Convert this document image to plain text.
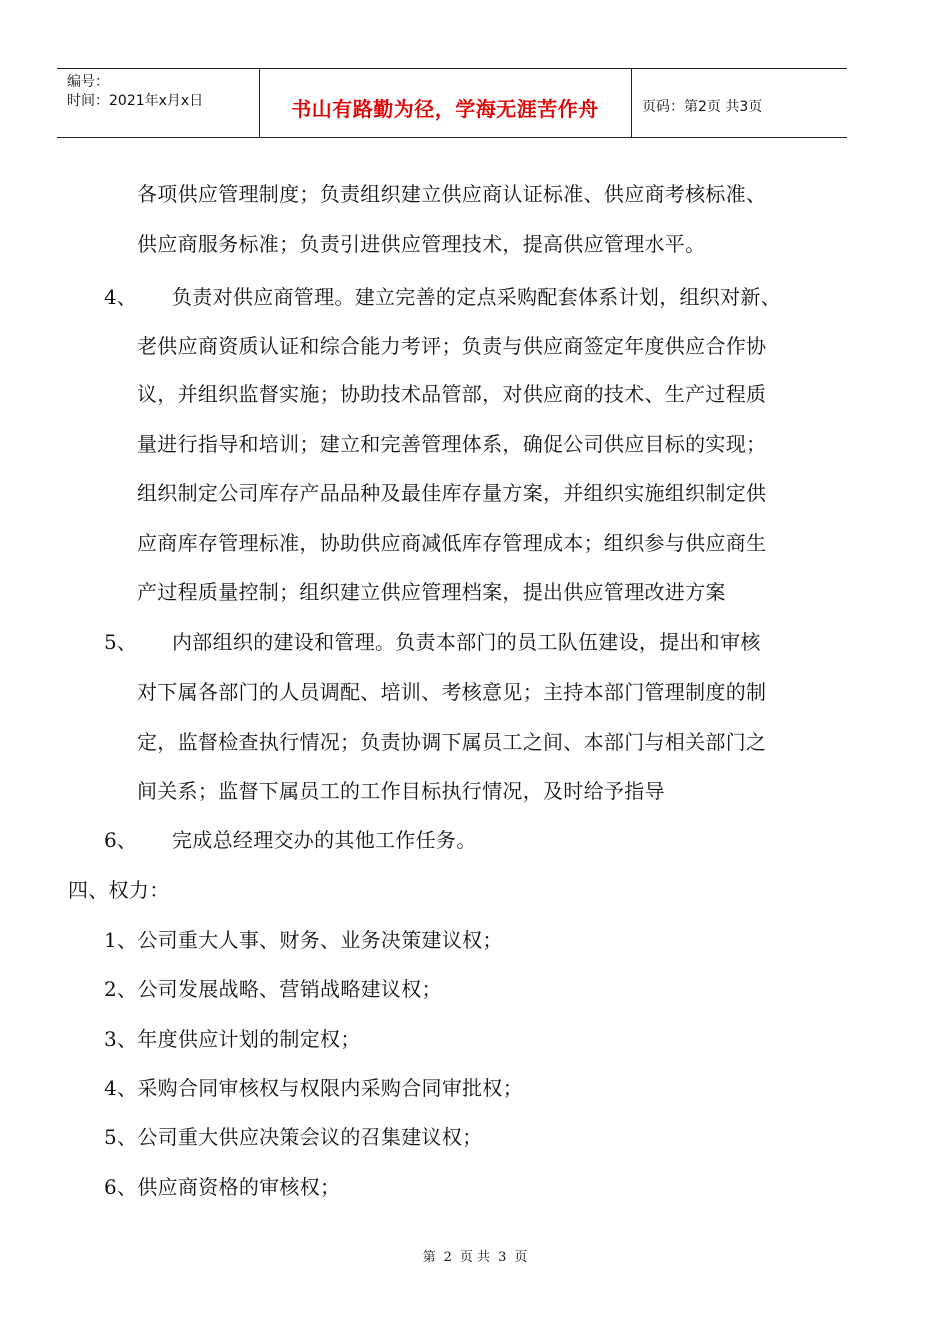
编号：
时间：2021年x月x日	书山有路勤为径，学海无涯苦作舟	页码：第2页 共3页
各项供应管理制度；负责组织建立供应商认证标准、供应商考核标准、
供应商服务标准；负责引进供应管理技术，提高供应管理水平。
4、 负责对供应商管理。建立完善的定点采购配套体系计划，组织对新、
老供应商资质认证和综合能力考评；负责与供应商签定年度供应合作协
议，并组织监督实施；协助技术品管部，对供应商的技术、生产过程质
量进行指导和培训；建立和完善管理体系，确促公司供应目标的实现；
组织制定公司库存产品品种及最佳库存量方案，并组织实施组织制定供
应商库存管理标准，协助供应商减低库存管理成本；组织参与供应商生
产过程质量控制；组织建立供应管理档案，提出供应管理改进方案
5、 内部组织的建设和管理。负责本部门的员工队伍建设，提出和审核
对下属各部门的人员调配、培训、考核意见；主持本部门管理制度的制
定，监督检查执行情况；负责协调下属员工之间、本部门与相关部门之
间关系；监督下属员工的工作目标执行情况，及时给予指导
6、 完成总经理交办的其他工作任务。
四、权力：
1、公司重大人事、财务、业务决策建议权；
2、公司发展战略、营销战略建议权；
3、年度供应计划的制定权；
4、采购合同审核权与权限内采购合同审批权；
5、公司重大供应决策会议的召集建议权；
6、供应商资格的审核权；
第 2 页 共 3 页
